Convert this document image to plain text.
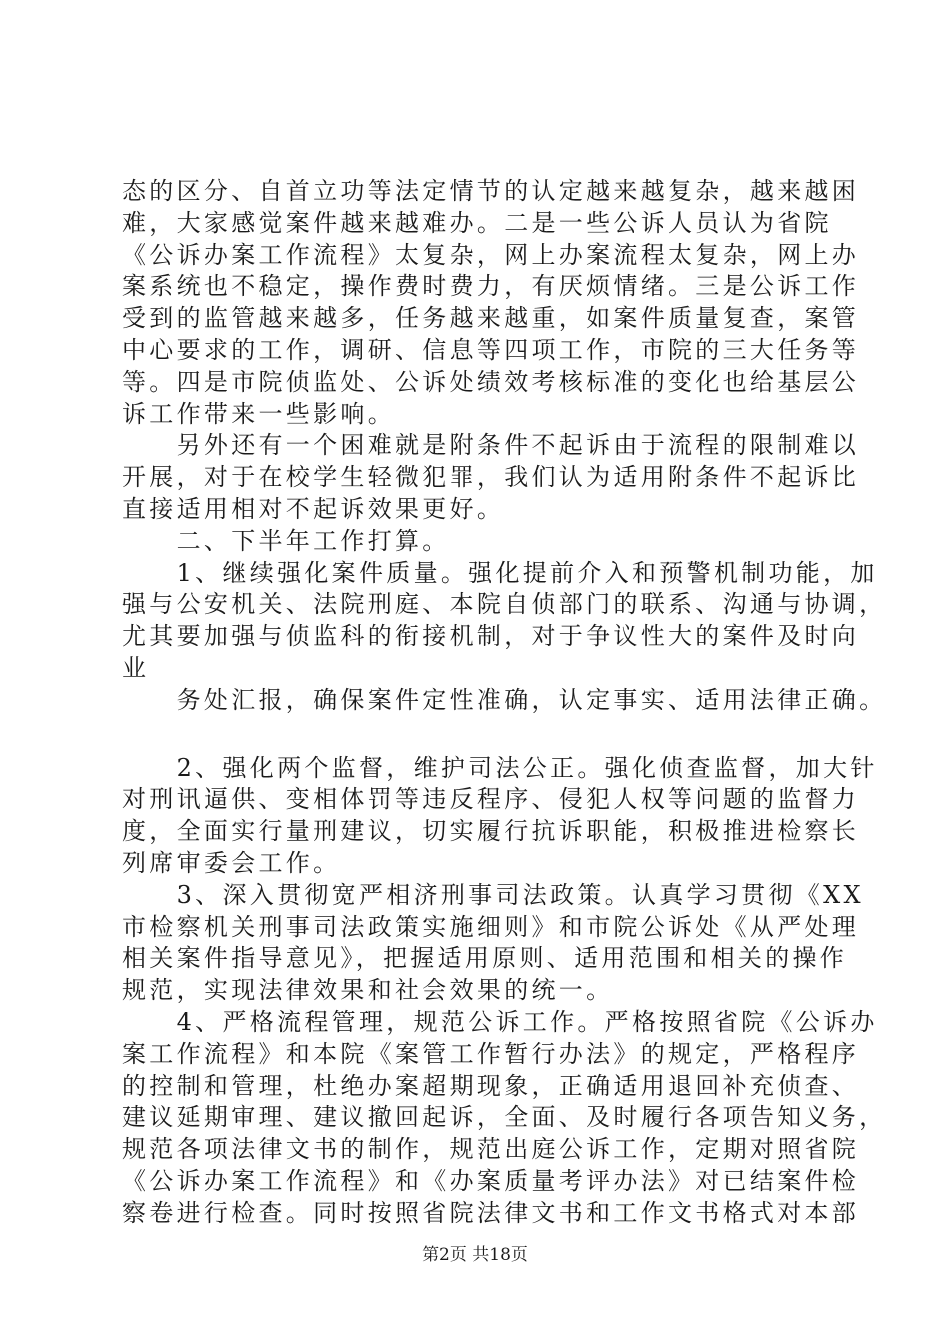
态的区分、自首立功等法定情节的认定越来越复杂，越来越困
难，大家感觉案件越来越难办。二是一些公诉人员认为省院
《公诉办案工作流程》太复杂，网上办案流程太复杂，网上办
案系统也不稳定，操作费时费力，有厌烦情绪。三是公诉工作
受到的监管越来越多，任务越来越重，如案件质量复查，案管
中心要求的工作，调研、信息等四项工作，市院的三大任务等
等。四是市院侦监处、公诉处绩效考核标准的变化也给基层公
诉工作带来一些影响。
　　另外还有一个困难就是附条件不起诉由于流程的限制难以
开展，对于在校学生轻微犯罪，我们认为适用附条件不起诉比
直接适用相对不起诉效果更好。
　　二、下半年工作打算。
　　1、继续强化案件质量。强化提前介入和预警机制功能，加
强与公安机关、法院刑庭、本院自侦部门的联系、沟通与协调，
尤其要加强与侦监科的衔接机制，对于争议性大的案件及时向
业
　　务处汇报，确保案件定性准确，认定事实、适用法律正确。
　　2、强化两个监督，维护司法公正。强化侦查监督，加大针
对刑讯逼供、变相体罚等违反程序、侵犯人权等问题的监督力
度，全面实行量刑建议，切实履行抗诉职能，积极推进检察长
列席审委会工作。
　　3、深入贯彻宽严相济刑事司法政策。认真学习贯彻《XX
市检察机关刑事司法政策实施细则》和市院公诉处《从严处理
相关案件指导意见》，把握适用原则、适用范围和相关的操作
规范，实现法律效果和社会效果的统一。
　　4、严格流程管理，规范公诉工作。严格按照省院《公诉办
案工作流程》和本院《案管工作暂行办法》的规定，严格程序
的控制和管理，杜绝办案超期现象，正确适用退回补充侦查、
建议延期审理、建议撤回起诉，全面、及时履行各项告知义务，
规范各项法律文书的制作，规范出庭公诉工作，定期对照省院
《公诉办案工作流程》和《办案质量考评办法》对已结案件检
察卷进行检查。同时按照省院法律文书和工作文书格式对本部
第2页 共18页
